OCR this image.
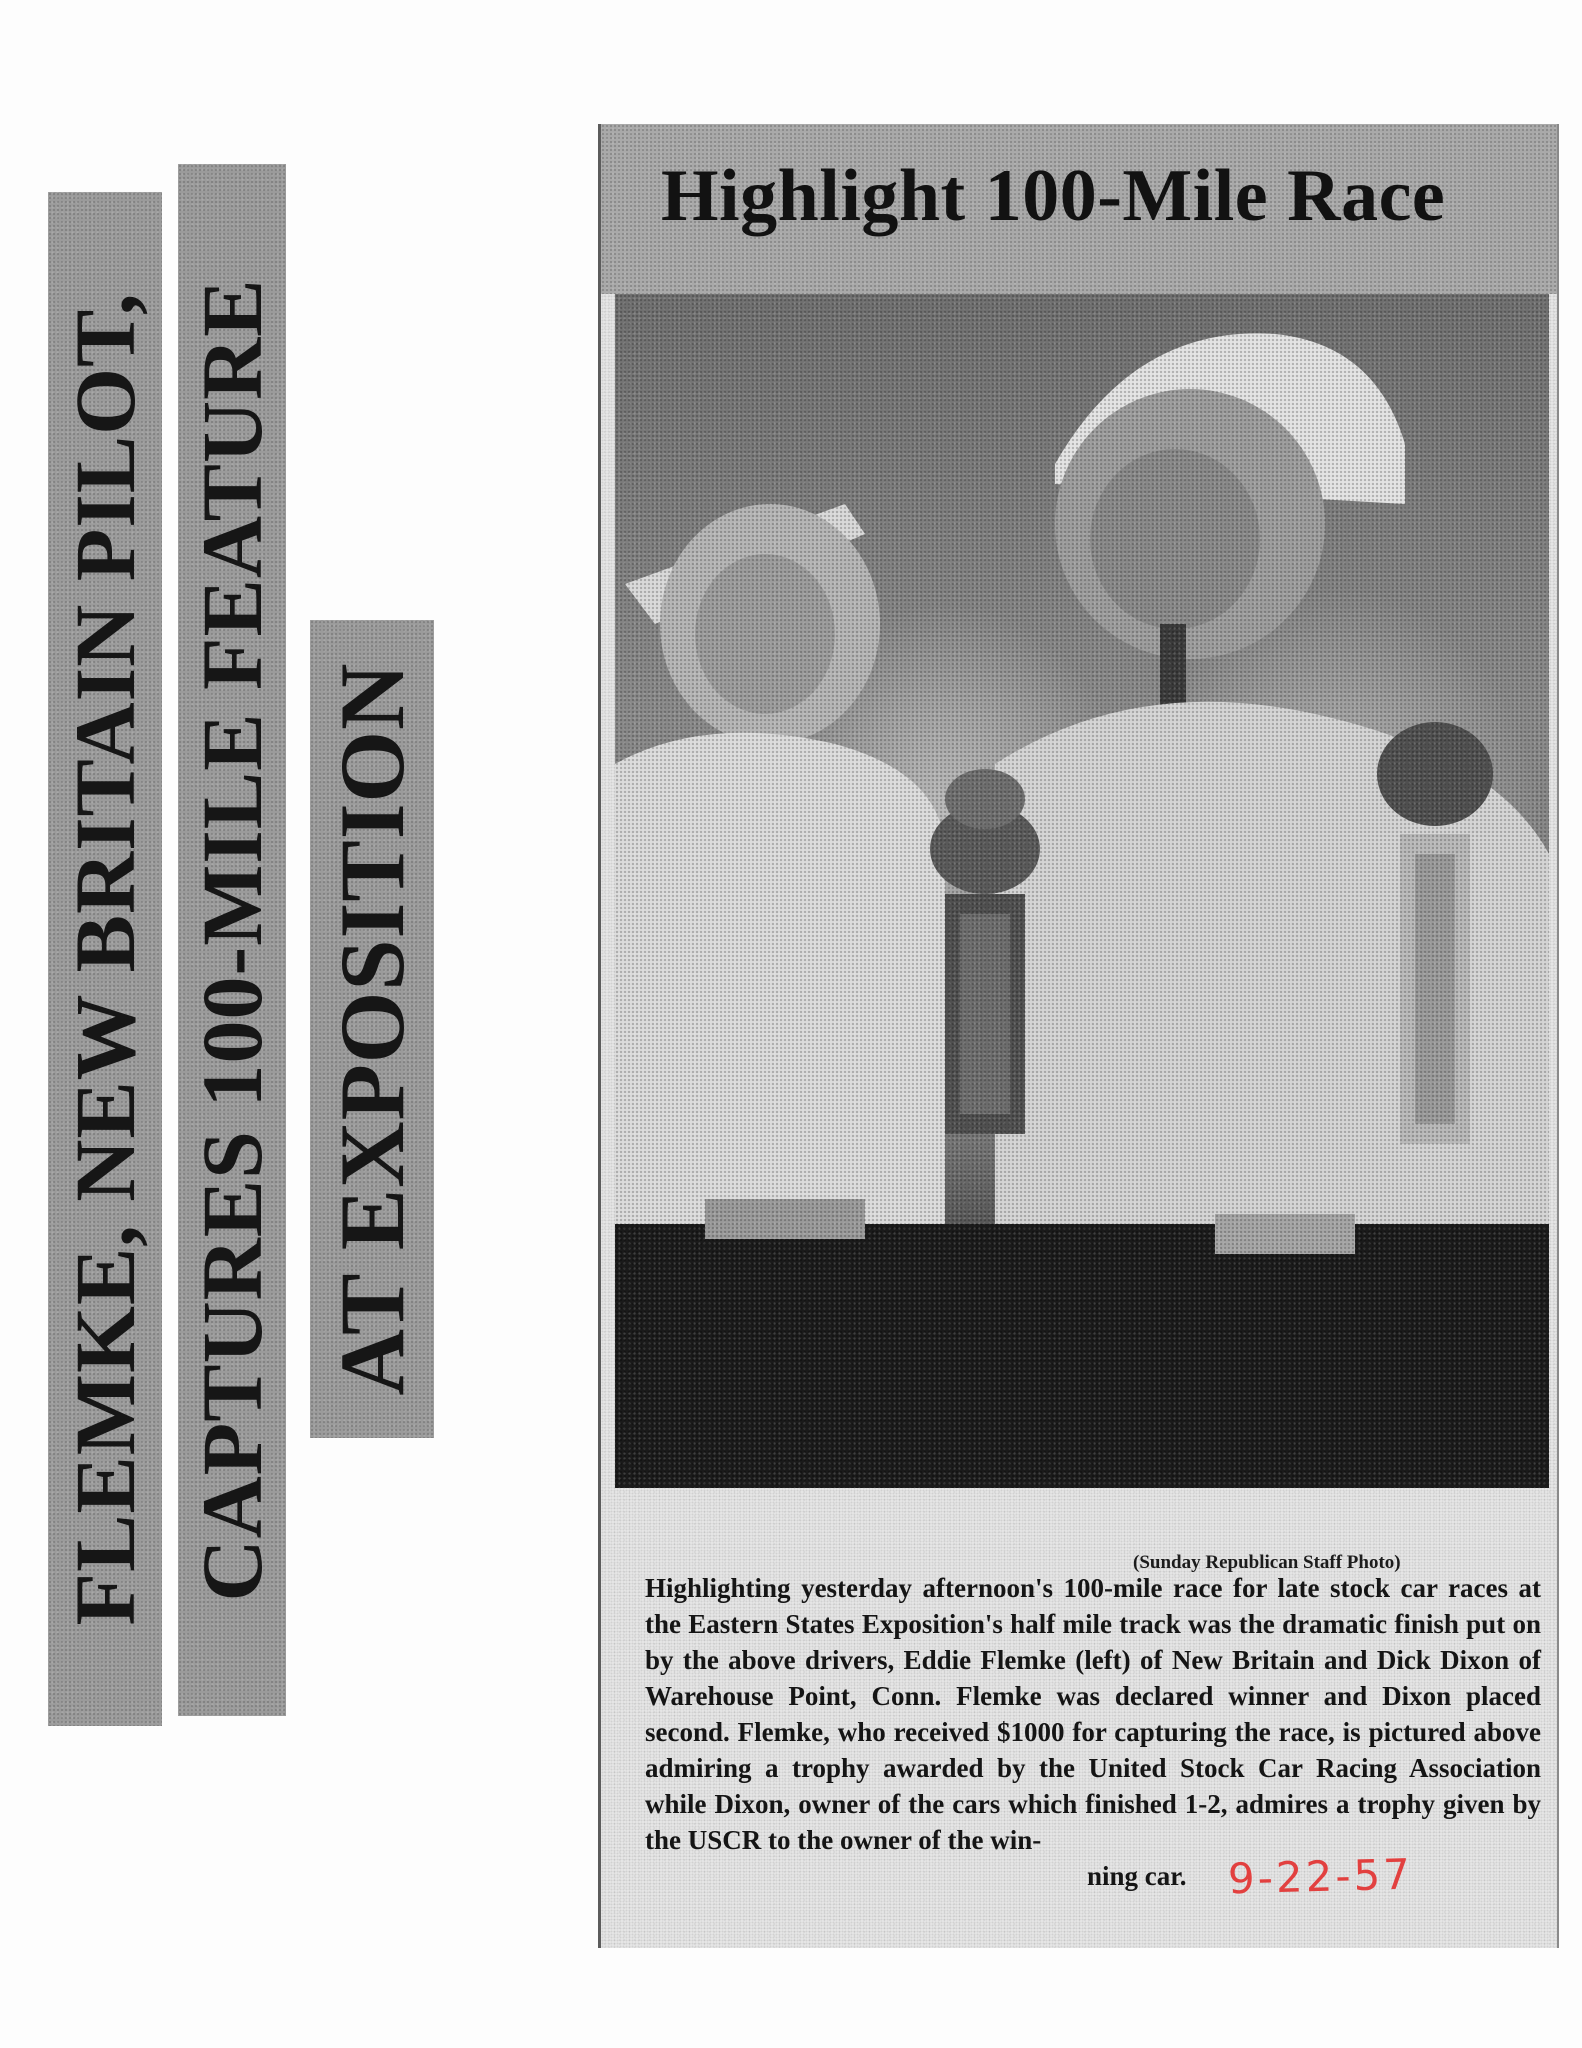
FLEMKE, NEW BRITAIN PILOT, CAPTURES 100-MILE FEATURE AT EXPOSITION
Highlight 100-Mile Race
(Sunday Republican Staff Photo)
Highlighting yesterday afternoon's 100-mile race for late stock car races at the Eastern States Exposition's half mile track was the dramatic finish put on by the above drivers, Eddie Flemke (left) of New Britain and Dick Dixon of Warehouse Point, Conn. Flemke was declared winner and Dixon placed second. Flemke, who received $1000 for capturing the race, is pictured above admiring a trophy awarded by the United Stock Car Racing Association while Dixon, owner of the cars which finished 1-2, admires a trophy given by the USCR to the owner of the win-
ning car. 9-22-57
